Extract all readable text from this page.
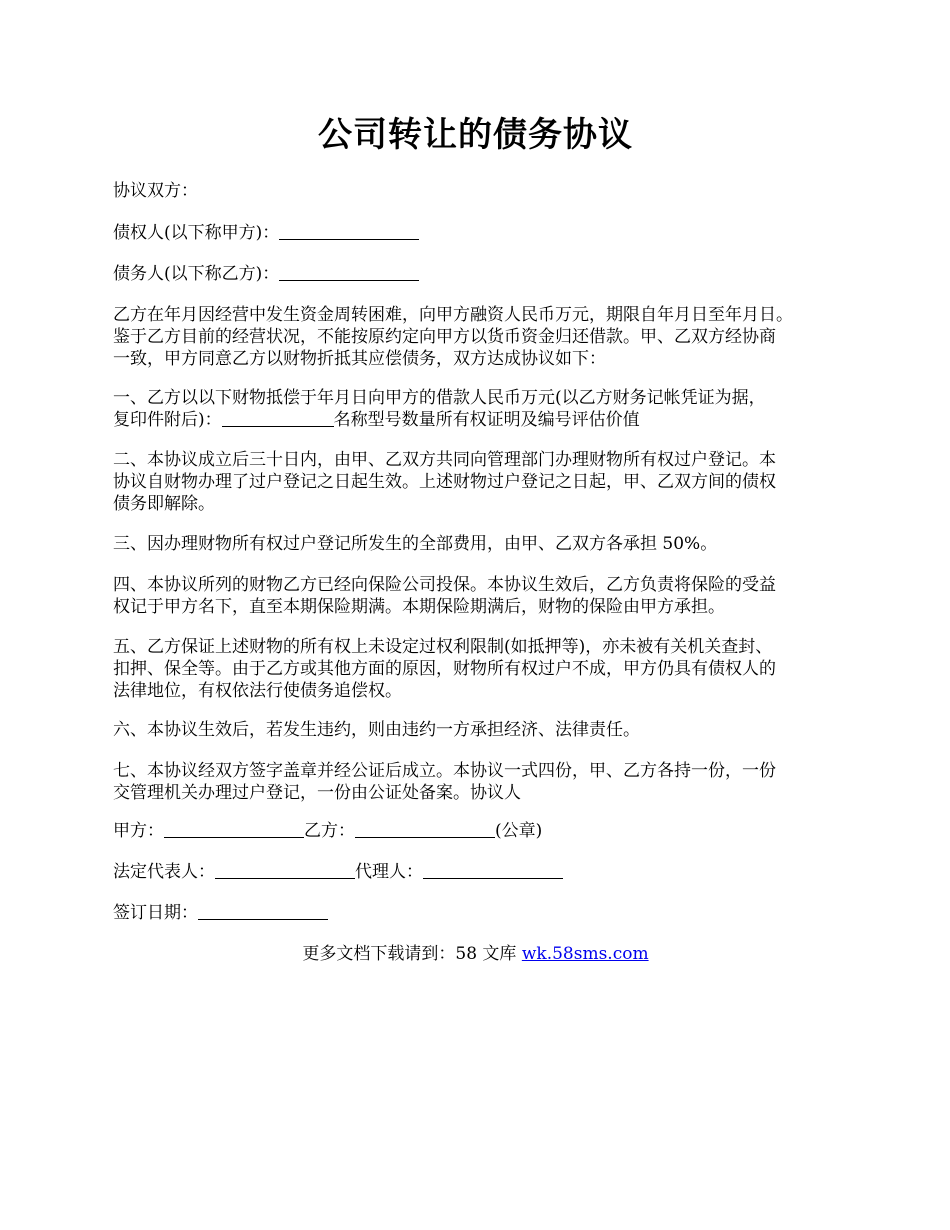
公司转让的债务协议
协议双方：
债权人(以下称甲方)：
债务人(以下称乙方)：

乙方在年月因经营中发生资金周转困难，向甲方融资人民币万元，期限自年月日至年月日。

鉴于乙方目前的经营状况，不能按原约定向甲方以货币资金归还借款。甲、乙双方经协商

一致，甲方同意乙方以财物折抵其应偿债务，双方达成协议如下：

一、乙方以以下财物抵偿于年月日向甲方的借款人民币万元(以乙方财务记帐凭证为据，

复印件附后)：	名称型号数量所有权证明及编号评估价值

二、本协议成立后三十日内，由甲、乙双方共同向管理部门办理财物所有权过户登记。本

协议自财物办理了过户登记之日起生效。上述财物过户登记之日起，甲、乙双方间的债权

债务即解除。

三、因办理财物所有权过户登记所发生的全部费用，由甲、乙双方各承担 50%。

四、本协议所列的财物乙方已经向保险公司投保。本协议生效后，乙方负责将保险的受益

权记于甲方名下，直至本期保险期满。本期保险期满后，财物的保险由甲方承担。

五、乙方保证上述财物的所有权上未设定过权利限制(如抵押等)，亦未被有关机关查封、

扣押、保全等。由于乙方或其他方面的原因，财物所有权过户不成，甲方仍具有债权人的

法律地位，有权依法行使债务追偿权。

六、本协议生效后，若发生违约，则由违约一方承担经济、法律责任。

七、本协议经双方签字盖章并经公证后成立。本协议一式四份，甲、乙方各持一份，一份

交管理机关办理过户登记，一份由公证处备案。协议人

甲方：	乙方：	(公章)
法定代表人：	代理人：
签订日期：
更多文档下载请到：58 文库 wk.58sms.com
